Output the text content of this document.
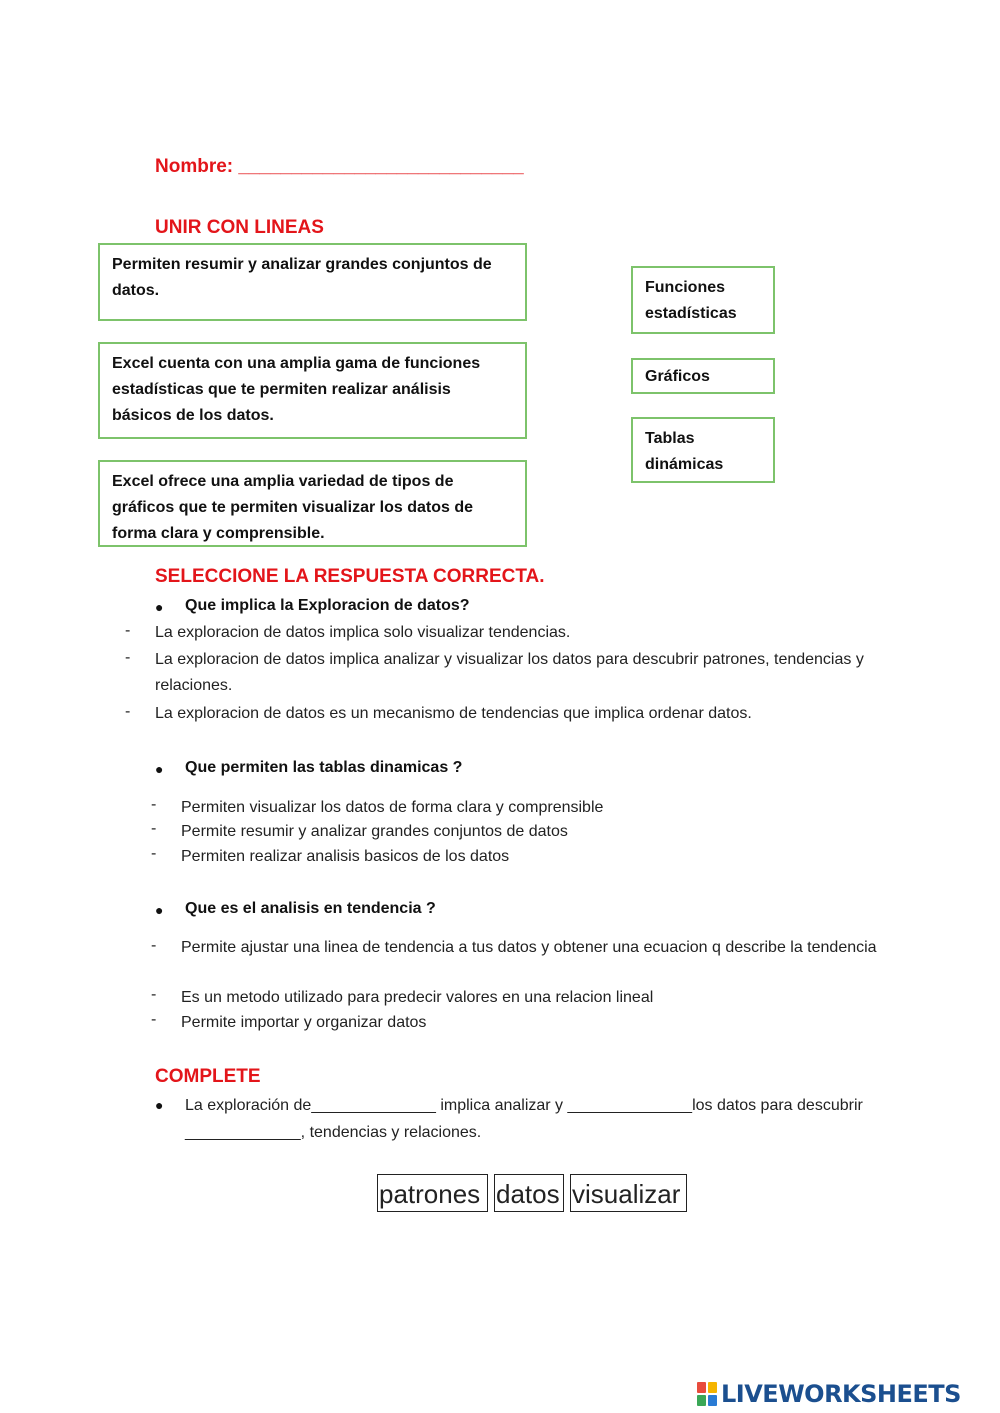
Nombre: ___________________________
UNIR CON LINEAS
Permiten resumir y analizar grandes conjuntos de datos.
Excel cuenta con una amplia gama de funciones estadísticas que te permiten realizar análisis básicos de los datos.
Excel ofrece una amplia variedad de tipos de gráficos que te permiten visualizar los datos de forma clara y comprensible.
Funciones estadísticas
Gráficos
Tablas dinámicas
SELECCIONE LA RESPUESTA CORRECTA.
● Que implica la Exploracion de datos?
- La exploracion de datos implica solo visualizar tendencias.
- La exploracion de datos implica analizar y visualizar los datos para descubrir patrones, tendencias y relaciones.
- La exploracion de datos es un mecanismo de tendencias que implica ordenar datos.
● Que permiten las tablas dinamicas ?
- Permiten visualizar los datos de forma clara y comprensible
- Permite resumir y analizar grandes conjuntos de datos
- Permiten realizar analisis basicos de los datos
● Que es el analisis en tendencia ?
- Permite ajustar una linea de tendencia a tus datos y obtener una ecuacion q describe la tendencia
- Es un metodo utilizado para predecir valores en una relacion lineal
- Permite importar y organizar datos
COMPLETE
● La exploración de______________ implica analizar y ______________los datos para descubrir _____________, tendencias y relaciones.
patrones datos visualizar
LIVEWORKSHEETS
